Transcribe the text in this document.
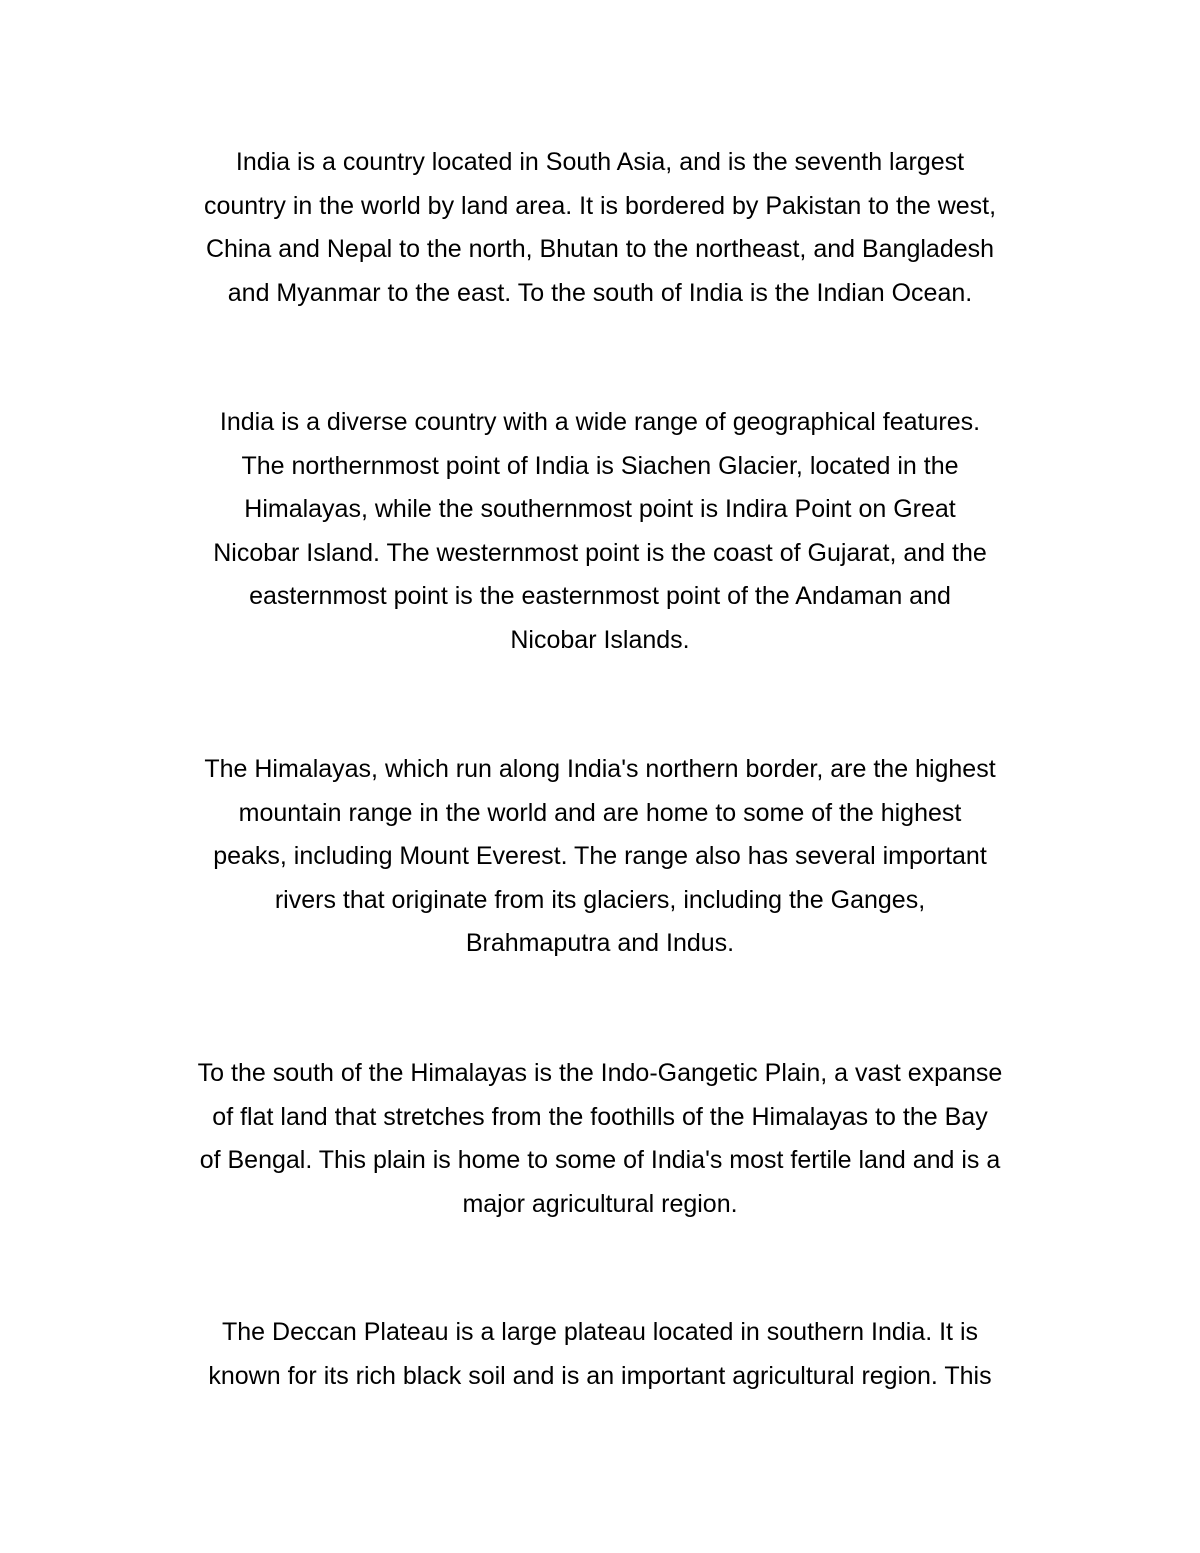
India is a country located in South Asia, and is the seventh largest
country in the world by land area. It is bordered by Pakistan to the west,
China and Nepal to the north, Bhutan to the northeast, and Bangladesh
and Myanmar to the east. To the south of India is the Indian Ocean.

India is a diverse country with a wide range of geographical features.
The northernmost point of India is Siachen Glacier, located in the
Himalayas, while the southernmost point is Indira Point on Great
Nicobar Island. The westernmost point is the coast of Gujarat, and the
easternmost point is the easternmost point of the Andaman and
Nicobar Islands.

The Himalayas, which run along India's northern border, are the highest
mountain range in the world and are home to some of the highest
peaks, including Mount Everest. The range also has several important
rivers that originate from its glaciers, including the Ganges,
Brahmaputra and Indus.

To the south of the Himalayas is the Indo-Gangetic Plain, a vast expanse
of flat land that stretches from the foothills of the Himalayas to the Bay
of Bengal. This plain is home to some of India's most fertile land and is a
major agricultural region.

The Deccan Plateau is a large plateau located in southern India. It is
known for its rich black soil and is an important agricultural region. This
